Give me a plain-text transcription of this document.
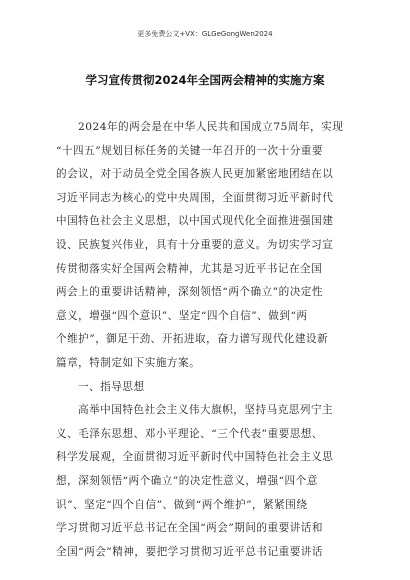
更多免费公文+VX：GLGeGongWen2024
学习宣传贯彻2024年全国两会精神的实施方案
2024年的两会是在中华人民共和国成立75周年，实现
“十四五”规划目标任务的关键一年召开的一次十分重要
的会议，对于动员全党全国各族人民更加紧密地团结在以
习近平同志为核心的党中央周围，全面贯彻习近平新时代
中国特色社会主义思想，以中国式现代化全面推进强国建
设、民族复兴伟业，具有十分重要的意义。为切实学习宣
传贯彻落实好全国两会精神，尤其是习近平书记在全国
两会上的重要讲话精神，深刻领悟“两个确立”的决定性
意义，增强“四个意识”、坚定“四个自信”、做到“两
个维护”，御足干劲、开拓进取，奋力谱写现代化建设新
篇章，特制定如下实施方案。
一、指导思想
高举中国特色社会主义伟大旗帜，坚持马克思列宁主
义、毛泽东思想、邓小平理论、“三个代表”重要思想、
科学发展观，全面贯彻习近平新时代中国特色社会主义思
想，深刻领悟“两个确立”的决定性意义，增强“四个意
识”、坚定“四个自信”、做到“两个维护”，紧紧围绕
学习贯彻习近平总书记在全国“两会”期间的重要讲话和
全国“两会”精神，要把学习贯彻习近平总书记重要讲话
